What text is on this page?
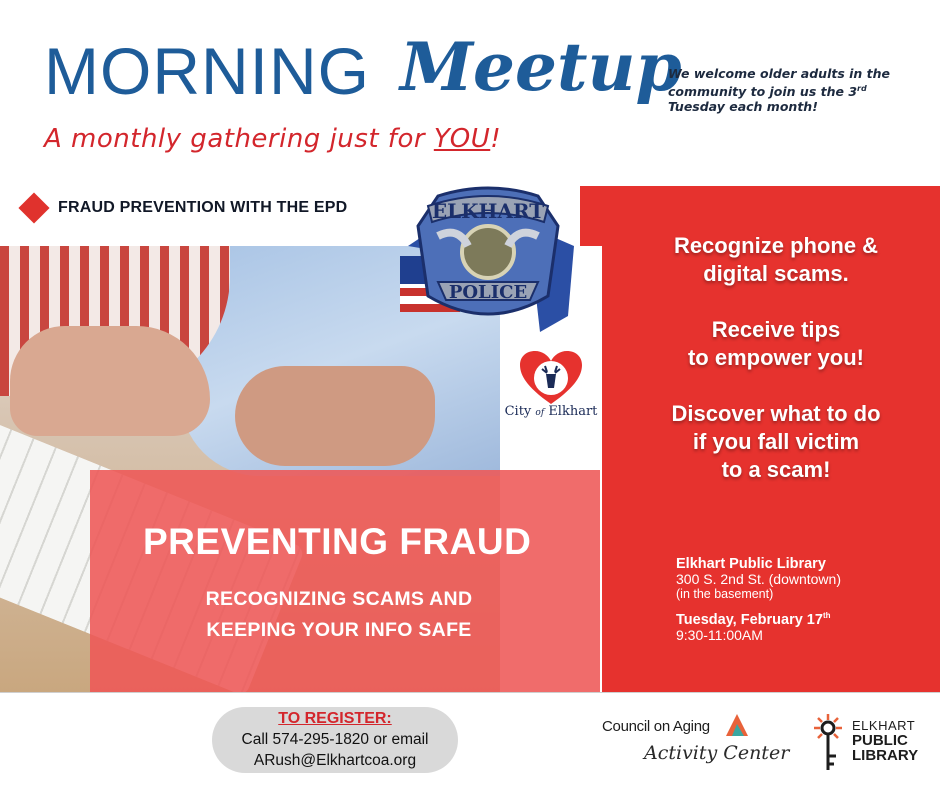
MORNING Meetup
A monthly gathering just for YOU!
We welcome older adults in the community to join us the 3rd Tuesday each month!
FRAUD PREVENTION WITH THE EPD
City of Elkhart
ELKHART
POLICE

Recognize phone &
digital scams.

Receive tips
to empower you!

Discover what to do
if you fall victim
to a scam!

Elkhart Public Library
300 S. 2nd St. (downtown)
(in the basement)
Tuesday, February 17th
9:30-11:00AM
PREVENTING FRAUD
RECOGNIZING SCAMS AND
KEEPING YOUR INFO SAFE
TO REGISTER:
Call 574-295-1820 or email
ARush@Elkhartcoa.org
Council on Aging
Activity Center
ELKHART
PUBLIC
LIBRARY
